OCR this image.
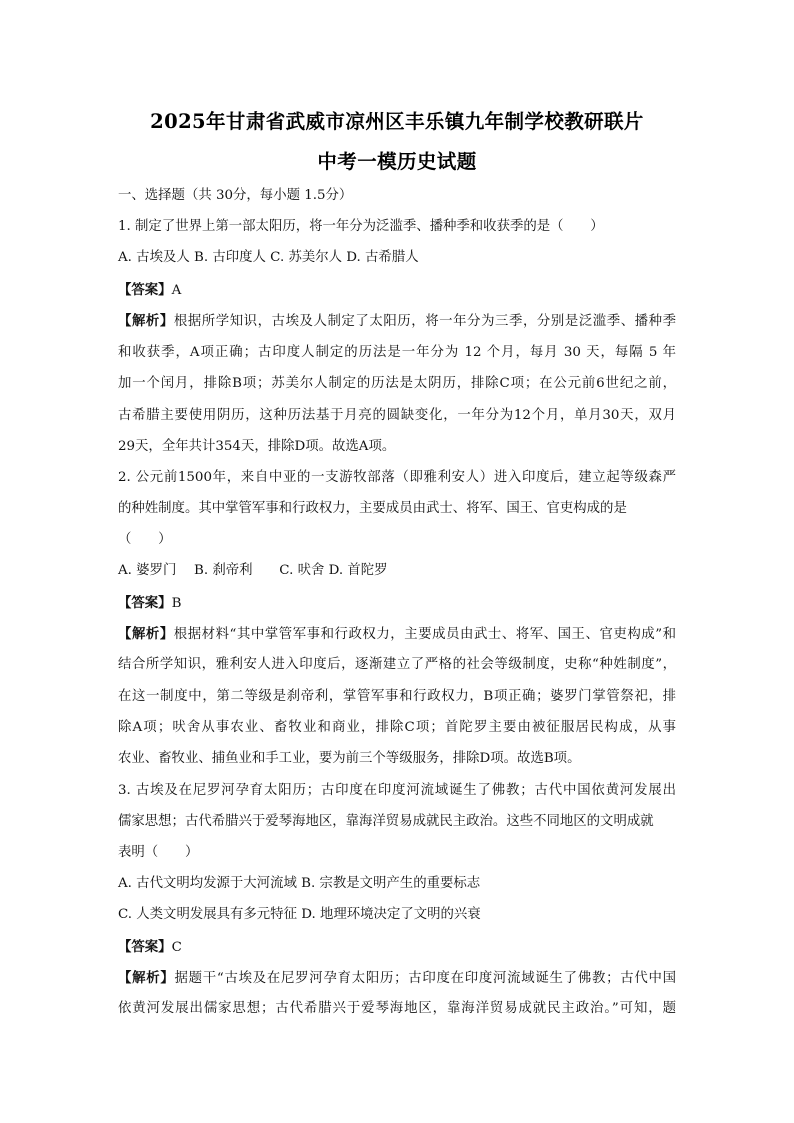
2025年甘肃省武威市凉州区丰乐镇九年制学校教研联片
中考一模历史试题
一、选择题（共 30分，每小题 1.5分）
1. 制定了世界上第一部太阳历，将一年分为泛滥季、播种季和收获季的是（　　）
A. 古埃及人 B. 古印度人 C. 苏美尔人 D. 古希腊人
【答案】A
【解析】根据所学知识，古埃及人制定了太阳历，将一年分为三季，分别是泛滥季、播种季
和收获季，A项正确；古印度人制定的历法是一年分为 12 个月，每月 30 天，每隔 5 年
加一个闰月，排除B项；苏美尔人制定的历法是太阴历，排除C项；在公元前6世纪之前，
古希腊主要使用阴历，这种历法基于月亮的圆缺变化，一年分为12个月，单月30天，双月
29天，全年共计354天，排除D项。故选A项。
2. 公元前1500年，来自中亚的一支游牧部落（即雅利安人）进入印度后，建立起等级森严
的种姓制度。其中掌管军事和行政权力，主要成员由武士、将军、国王、官吏构成的是
（　　）
A. 婆罗门　 B. 刹帝利　　C. 吠舍 D. 首陀罗
【答案】B
【解析】根据材料“其中掌管军事和行政权力，主要成员由武士、将军、国王、官吏构成”和
结合所学知识，雅利安人进入印度后，逐渐建立了严格的社会等级制度，史称“种姓制度”，
在这一制度中，第二等级是刹帝利，掌管军事和行政权力，B项正确；婆罗门掌管祭祀，排
除A项；吠舍从事农业、畜牧业和商业，排除C项；首陀罗主要由被征服居民构成，从事
农业、畜牧业、捕鱼业和手工业，要为前三个等级服务，排除D项。故选B项。
3. 古埃及在尼罗河孕育太阳历；古印度在印度河流域诞生了佛教；古代中国依黄河发展出
儒家思想；古代希腊兴于爱琴海地区，靠海洋贸易成就民主政治。这些不同地区的文明成就
表明（　　）
A. 古代文明均发源于大河流域 B. 宗教是文明产生的重要标志
C. 人类文明发展具有多元特征 D. 地理环境决定了文明的兴衰
【答案】C
【解析】据题干“古埃及在尼罗河孕育太阳历；古印度在印度河流域诞生了佛教；古代中国
依黄河发展出儒家思想；古代希腊兴于爱琴海地区，靠海洋贸易成就民主政治。”可知，题
